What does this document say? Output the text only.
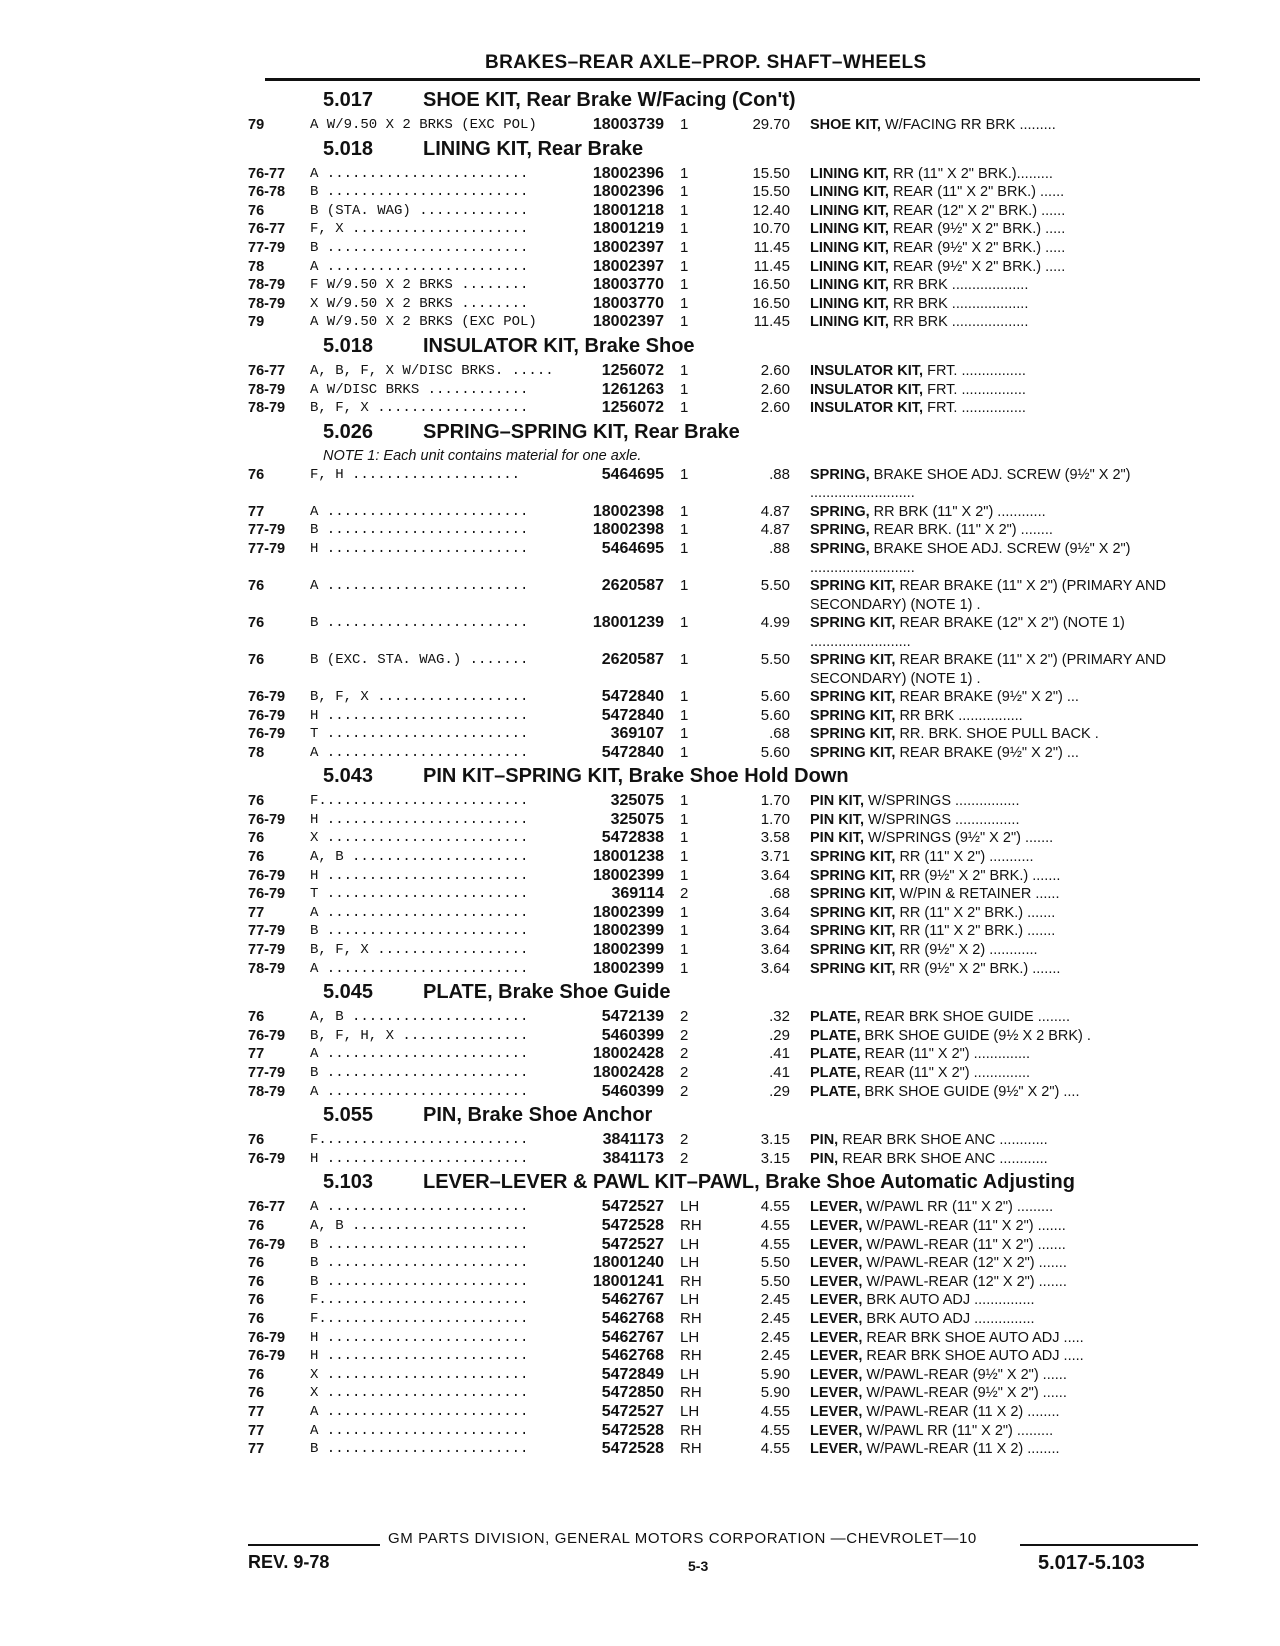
BRAKES–REAR AXLE–PROP. SHAFT–WHEELS
5.017 SHOE KIT, Rear Brake W/Facing (Con't)
79	A W/9.50 X 2 BRKS (EXC POL)	18003739 1	29.70 SHOE KIT, W/FACING RR BRK .........
5.018 LINING KIT, Rear Brake
76-77 A ........................	18002396 1	15.50 LINING KIT, RR (11" X 2" BRK.).........
76-78 B ........................	18002396 1	15.50 LINING KIT, REAR (11" X 2" BRK.) ......
76	B (STA. WAG) .............	18001218 1	12.40 LINING KIT, REAR (12" X 2" BRK.) ......
76-77 F, X .....................	18001219 1	10.70 LINING KIT, REAR (9½" X 2" BRK.) .....
77-79 B ........................	18002397 1	11.45 LINING KIT, REAR (9½" X 2" BRK.) .....
78	A ........................	18002397 1	11.45 LINING KIT, REAR (9½" X 2" BRK.) .....
78-79 F W/9.50 X 2 BRKS ........	18003770 1	16.50 LINING KIT, RR BRK ...................
78-79 X W/9.50 X 2 BRKS ........	18003770 1	16.50 LINING KIT, RR BRK ...................
79	A W/9.50 X 2 BRKS (EXC POL)	18002397 1	11.45 LINING KIT, RR BRK ...................
5.018 INSULATOR KIT, Brake Shoe
76-77 A, B, F, X W/DISC BRKS. .....	1256072 1	2.60 INSULATOR KIT, FRT. ................
78-79 A W/DISC BRKS ............	1261263 1	2.60 INSULATOR KIT, FRT. ................
78-79 B, F, X ..................	1256072 1	2.60 INSULATOR KIT, FRT. ................
5.026 SPRING–SPRING KIT, Rear Brake
NOTE 1: Each unit contains material for one axle.
76	F, H ....................	5464695 1	.88 SPRING, BRAKE SHOE ADJ. SCREW (9½" X 2") ..........................
77	A ........................	18002398 1	4.87 SPRING, RR BRK (11" X 2") ............
77-79 B ........................	18002398 1	4.87 SPRING, REAR BRK. (11" X 2") ........
77-79 H ........................	5464695 1	.88 SPRING, BRAKE SHOE ADJ. SCREW (9½" X 2") ..........................
76	A ........................	2620587 1	5.50 SPRING KIT, REAR BRAKE (11" X 2") (PRIMARY AND SECONDARY) (NOTE 1) .
76	B ........................	18001239 1	4.99 SPRING KIT, REAR BRAKE (12" X 2") (NOTE 1) .........................
76	B (EXC. STA. WAG.) .......	2620587 1	5.50 SPRING KIT, REAR BRAKE (11" X 2") (PRIMARY AND SECONDARY) (NOTE 1) .
76-79 B, F, X ..................	5472840 1	5.60 SPRING KIT, REAR BRAKE (9½" X 2") ...
76-79 H ........................	5472840 1	5.60 SPRING KIT, RR BRK ................
76-79 T ........................	369107 1	.68 SPRING KIT, RR. BRK. SHOE PULL BACK .
78	A ........................	5472840 1	5.60 SPRING KIT, REAR BRAKE (9½" X 2") ...
5.043 PIN KIT–SPRING KIT, Brake Shoe Hold Down
76	F.........................	325075 1	1.70 PIN KIT, W/SPRINGS ................
76-79 H ........................	325075 1	1.70 PIN KIT, W/SPRINGS ................
76	X ........................	5472838 1	3.58 PIN KIT, W/SPRINGS (9½" X 2") .......
76	A, B .....................	18001238 1	3.71 SPRING KIT, RR (11" X 2") ...........
76-79 H ........................	18002399 1	3.64 SPRING KIT, RR (9½" X 2" BRK.) .......
76-79 T ........................	369114 2	.68 SPRING KIT, W/PIN & RETAINER ......
77	A ........................	18002399 1	3.64 SPRING KIT, RR (11" X 2" BRK.) .......
77-79 B ........................	18002399 1	3.64 SPRING KIT, RR (11" X 2" BRK.) .......
77-79 B, F, X ..................	18002399 1	3.64 SPRING KIT, RR (9½" X 2) ............
78-79 A ........................	18002399 1	3.64 SPRING KIT, RR (9½" X 2" BRK.) .......
5.045 PLATE, Brake Shoe Guide
76	A, B .....................	5472139 2	.32 PLATE, REAR BRK SHOE GUIDE ........
76-79 B, F, H, X ...............	5460399 2	.29 PLATE, BRK SHOE GUIDE (9½ X 2 BRK) .
77	A ........................	18002428 2	.41 PLATE, REAR (11" X 2") ..............
77-79 B ........................	18002428 2	.41 PLATE, REAR (11" X 2") ..............
78-79 A ........................	5460399 2	.29 PLATE, BRK SHOE GUIDE (9½" X 2") ....
5.055 PIN, Brake Shoe Anchor
76	F.........................	3841173 2	3.15 PIN, REAR BRK SHOE ANC ............
76-79 H ........................	3841173 2	3.15 PIN, REAR BRK SHOE ANC ............
5.103 LEVER–LEVER & PAWL KIT–PAWL, Brake Shoe Automatic Adjusting
76-77 A ........................	5472527 LH	4.55 LEVER, W/PAWL RR (11" X 2") .........
76	A, B .....................	5472528 RH	4.55 LEVER, W/PAWL-REAR (11" X 2") .......
76-79 B ........................	5472527 LH	4.55 LEVER, W/PAWL-REAR (11" X 2") .......
76	B ........................	18001240 LH	5.50 LEVER, W/PAWL-REAR (12" X 2") .......
76	B ........................	18001241 RH	5.50 LEVER, W/PAWL-REAR (12" X 2") .......
76	F.........................	5462767 LH	2.45 LEVER, BRK AUTO ADJ ...............
76	F.........................	5462768 RH	2.45 LEVER, BRK AUTO ADJ ...............
76-79 H ........................	5462767 LH	2.45 LEVER, REAR BRK SHOE AUTO ADJ .....
76-79 H ........................	5462768 RH	2.45 LEVER, REAR BRK SHOE AUTO ADJ .....
76	X ........................	5472849 LH	5.90 LEVER, W/PAWL-REAR (9½" X 2") ......
76	X ........................	5472850 RH	5.90 LEVER, W/PAWL-REAR (9½" X 2") ......
77	A ........................	5472527 LH	4.55 LEVER, W/PAWL-REAR (11 X 2) ........
77	A ........................	5472528 RH	4.55 LEVER, W/PAWL RR (11" X 2") .........
77	B ........................	5472528 RH	4.55 LEVER, W/PAWL-REAR (11 X 2) ........
GM PARTS DIVISION, GENERAL MOTORS CORPORATION —CHEVROLET—10
REV. 9-78	5-3	5.017-5.103
